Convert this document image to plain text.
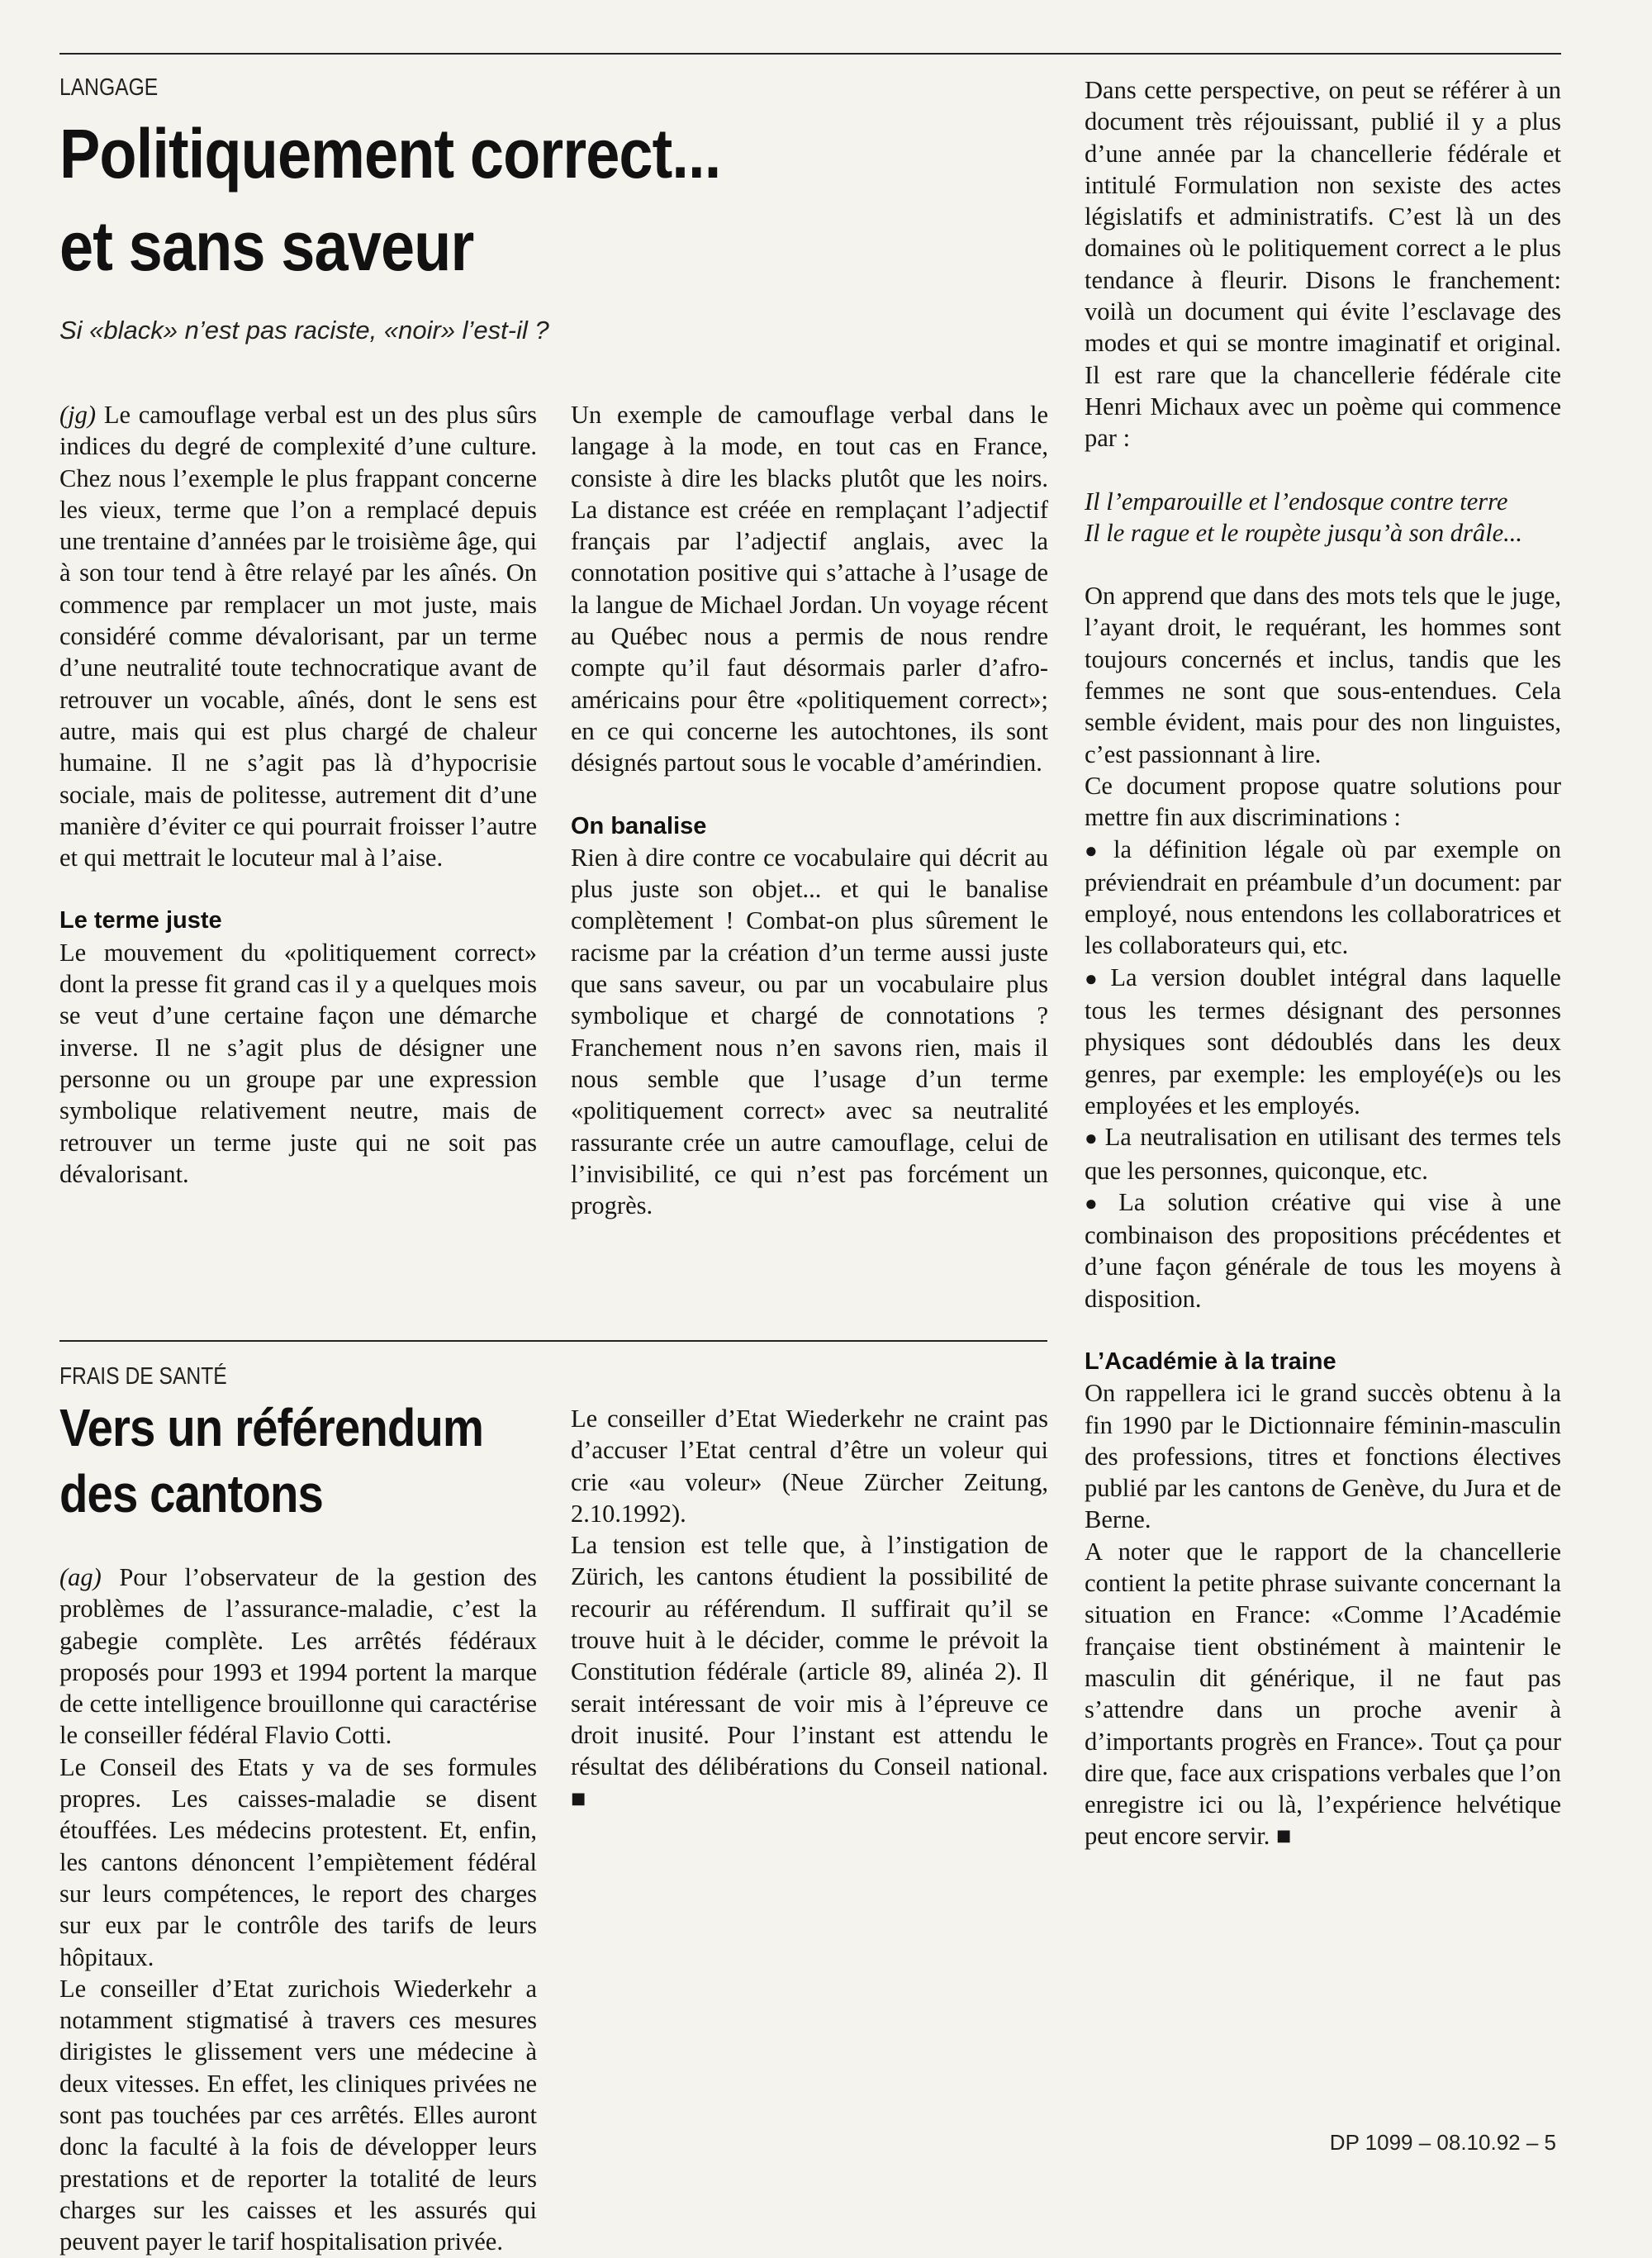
LANGAGE
Politiquement correct...
et sans saveur

Si «black» n’est pas raciste, «noir» l’est-il ?

(jg) Le camouflage verbal est un des plus sûrs indices du degré de complexité d’une culture. Chez nous l’exemple le plus frappant concerne les vieux, terme que l’on a remplacé depuis une trentaine d’années par le troisième âge, qui à son tour tend à être relayé par les aînés. On commence par remplacer un mot juste, mais considéré comme dévalorisant, par un terme d’une neutralité toute technocratique avant de retrouver un vocable, aînés, dont le sens est autre, mais qui est plus chargé de chaleur humaine. Il ne s’agit pas là d’hypocrisie sociale, mais de politesse, autrement dit d’une manière d’éviter ce qui pourrait froisser l’autre et qui mettrait le locuteur mal à l’aise.

Le terme juste

Le mouvement du «politiquement correct» dont la presse fit grand cas il y a quelques mois se veut d’une certaine façon une démarche inverse. Il ne s’agit plus de désigner une personne ou un groupe par une expression symbolique relativement neutre, mais de retrouver un terme juste qui ne soit pas dévalorisant.

Un exemple de camouflage verbal dans le langage à la mode, en tout cas en France, consiste à dire les blacks plutôt que les noirs. La distance est créée en remplaçant l’adjectif français par l’adjectif anglais, avec la connotation positive qui s’attache à l’usage de la langue de Michael Jordan. Un voyage récent au Québec nous a permis de nous rendre compte qu’il faut désormais parler d’afro-américains pour être «politiquement correct»; en ce qui concerne les autochtones, ils sont désignés partout sous le vocable d’amérindien.

On banalise

Rien à dire contre ce vocabulaire qui décrit au plus juste son objet... et qui le banalise complètement ! Combat-on plus sûrement le racisme par la création d’un terme aussi juste que sans saveur, ou par un vocabulaire plus symbolique et chargé de connotations ? Franchement nous n’en savons rien, mais il nous semble que l’usage d’un terme «politiquement correct» avec sa neutralité rassurante crée un autre camouflage, celui de l’invisibilité, ce qui n’est pas forcément un progrès.

Dans cette perspective, on peut se référer à un document très réjouissant, publié il y a plus d’une année par la chancellerie fédérale et intitulé Formulation non sexiste des actes législatifs et administratifs. C’est là un des domaines où le politiquement correct a le plus tendance à fleurir. Disons le franchement: voilà un document qui évite l’esclavage des modes et qui se montre imaginatif et original. Il est rare que la chancellerie fédérale cite Henri Michaux avec un poème qui commence par :

Il l’emparouille et l’endosque contre terre
Il le rague et le roupète jusqu’à son drâle...

On apprend que dans des mots tels que le juge, l’ayant droit, le requérant, les hommes sont toujours concernés et inclus, tandis que les femmes ne sont que sous-entendues. Cela semble évident, mais pour des non linguistes, c’est passionnant à lire.

Ce document propose quatre solutions pour mettre fin aux discriminations :

● la définition légale où par exemple on préviendrait en préambule d’un document: par employé, nous entendons les collaboratrices et les collaborateurs qui, etc.

● La version doublet intégral dans laquelle tous les termes désignant des personnes physiques sont dédoublés dans les deux genres, par exemple: les employé(e)s ou les employées et les employés.

● La neutralisation en utilisant des termes tels que les personnes, quiconque, etc.

● La solution créative qui vise à une combinaison des propositions précédentes et d’une façon générale de tous les moyens à disposition.

L’Académie à la traine

On rappellera ici le grand succès obtenu à la fin 1990 par le Dictionnaire féminin-masculin des professions, titres et fonctions électives publié par les cantons de Genève, du Jura et de Berne.

A noter que le rapport de la chancellerie contient la petite phrase suivante concernant la situation en France: «Comme l’Académie française tient obstinément à maintenir le masculin dit générique, il ne faut pas s’attendre dans un proche avenir à d’importants progrès en France». Tout ça pour dire que, face aux crispations verbales que l’on enregistre ici ou là, l’expérience helvétique peut encore servir. ■

FRAIS DE SANTÉ
Vers un référendum
des cantons

(ag) Pour l’observateur de la gestion des problèmes de l’assurance-maladie, c’est la gabegie complète. Les arrêtés fédéraux proposés pour 1993 et 1994 portent la marque de cette intelligence brouillonne qui caractérise le conseiller fédéral Flavio Cotti.

Le Conseil des Etats y va de ses formules propres. Les caisses-maladie se disent étouffées. Les médecins protestent. Et, enfin, les cantons dénoncent l’empiètement fédéral sur leurs compétences, le report des charges sur eux par le contrôle des tarifs de leurs hôpitaux.

Le conseiller d’Etat zurichois Wiederkehr a notamment stigmatisé à travers ces mesures dirigistes le glissement vers une médecine à deux vitesses. En effet, les cliniques privées ne sont pas touchées par ces arrêtés. Elles auront donc la faculté à la fois de développer leurs prestations et de reporter la totalité de leurs charges sur les caisses et les assurés qui peuvent payer le tarif hospitalisation privée.

Le conseiller d’Etat Wiederkehr ne craint pas d’accuser l’Etat central d’être un voleur qui crie «au voleur» (Neue Zürcher Zeitung, 2.10.1992).

La tension est telle que, à l’instigation de Zürich, les cantons étudient la possibilité de recourir au référendum. Il suffirait qu’il se trouve huit à le décider, comme le prévoit la Constitution fédérale (article 89, alinéa 2). Il serait intéressant de voir mis à l’épreuve ce droit inusité. Pour l’instant est attendu le résultat des délibérations du Conseil national. ■

DP 1099 – 08.10.92 – 5
